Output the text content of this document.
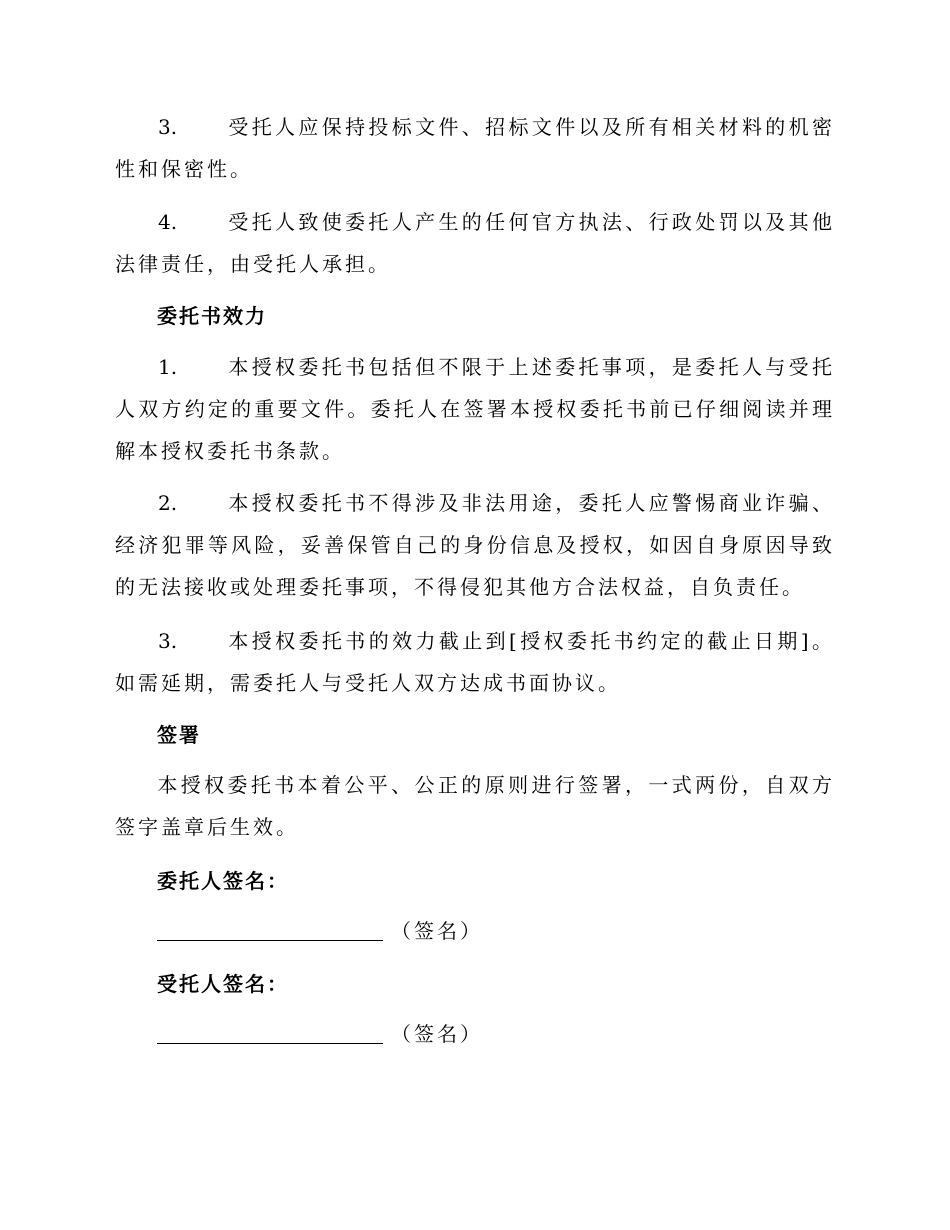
3.	受托人应保持投标文件、招标文件以及所有相关材料的机密性和保密性。
4.	受托人致使委托人产生的任何官方执法、行政处罚以及其他法律责任，由受托人承担。
委托书效力
1.	本授权委托书包括但不限于上述委托事项，是委托人与受托人双方约定的重要文件。委托人在签署本授权委托书前已仔细阅读并理解本授权委托书条款。
2.	本授权委托书不得涉及非法用途，委托人应警惕商业诈骗、经济犯罪等风险，妥善保管自己的身份信息及授权，如因自身原因导致的无法接收或处理委托事项，不得侵犯其他方合法权益，自负责任。
3.	本授权委托书的效力截止到[授权委托书约定的截止日期]。如需延期，需委托人与受托人双方达成书面协议。
签署
本授权委托书本着公平、公正的原则进行签署，一式两份，自双方签字盖章后生效。
委托人签名：
（签名）
受托人签名：
（签名）
